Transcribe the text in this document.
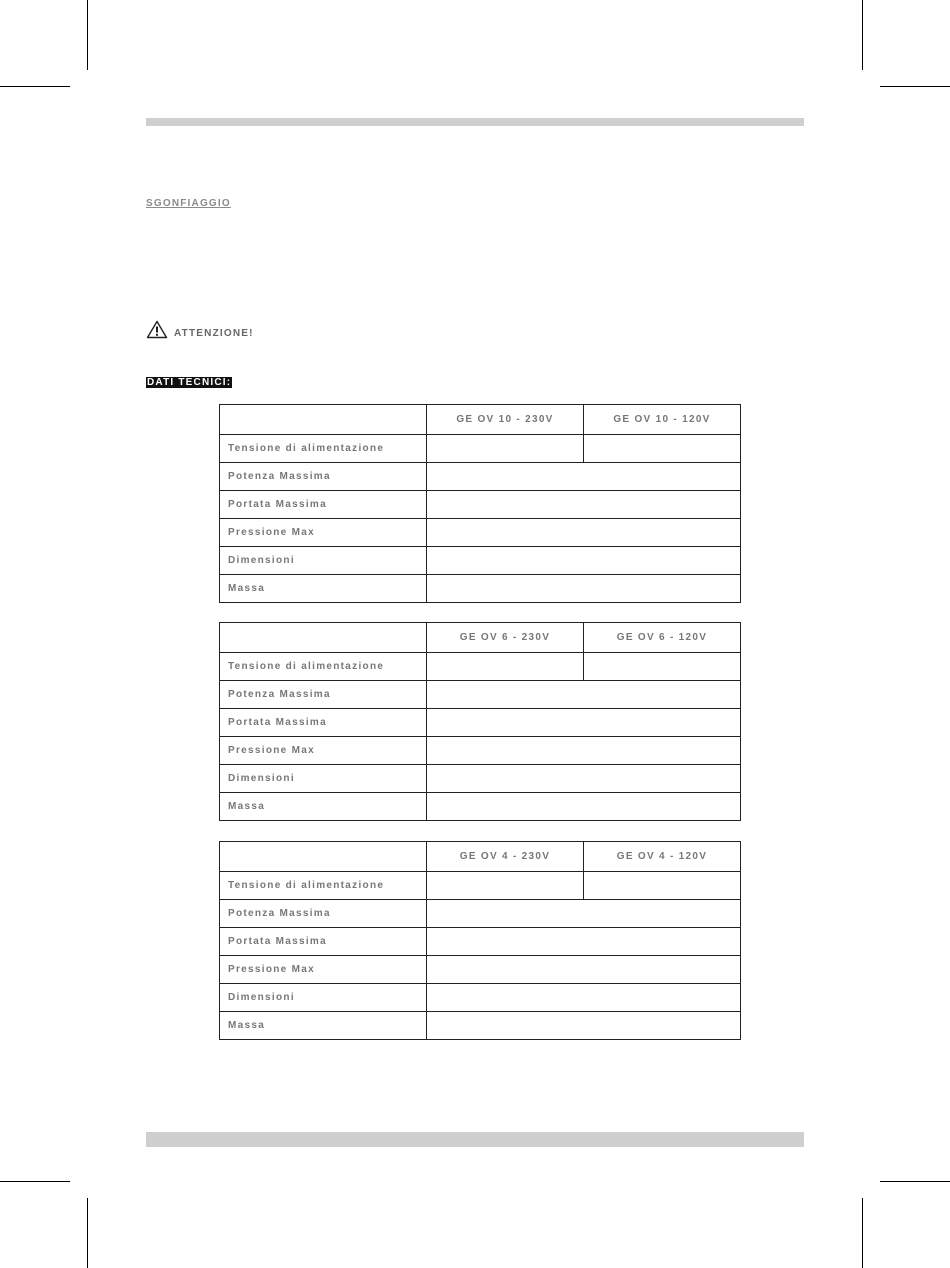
SGONFIAGGIO
ATTENZIONE!
DATI TECNICI:
	GE OV 10 - 230V	GE OV 10 - 120V
Tensione di alimentazione		
Potenza Massima		
Portata Massima		
Pressione Max		
Dimensioni		
Massa		
	GE OV 6 - 230V	GE OV 6 - 120V
Tensione di alimentazione		
Potenza Massima		
Portata Massima		
Pressione Max		
Dimensioni		
Massa		
	GE OV 4 - 230V	GE OV 4 - 120V
Tensione di alimentazione		
Potenza Massima		
Portata Massima		
Pressione Max		
Dimensioni		
Massa		
